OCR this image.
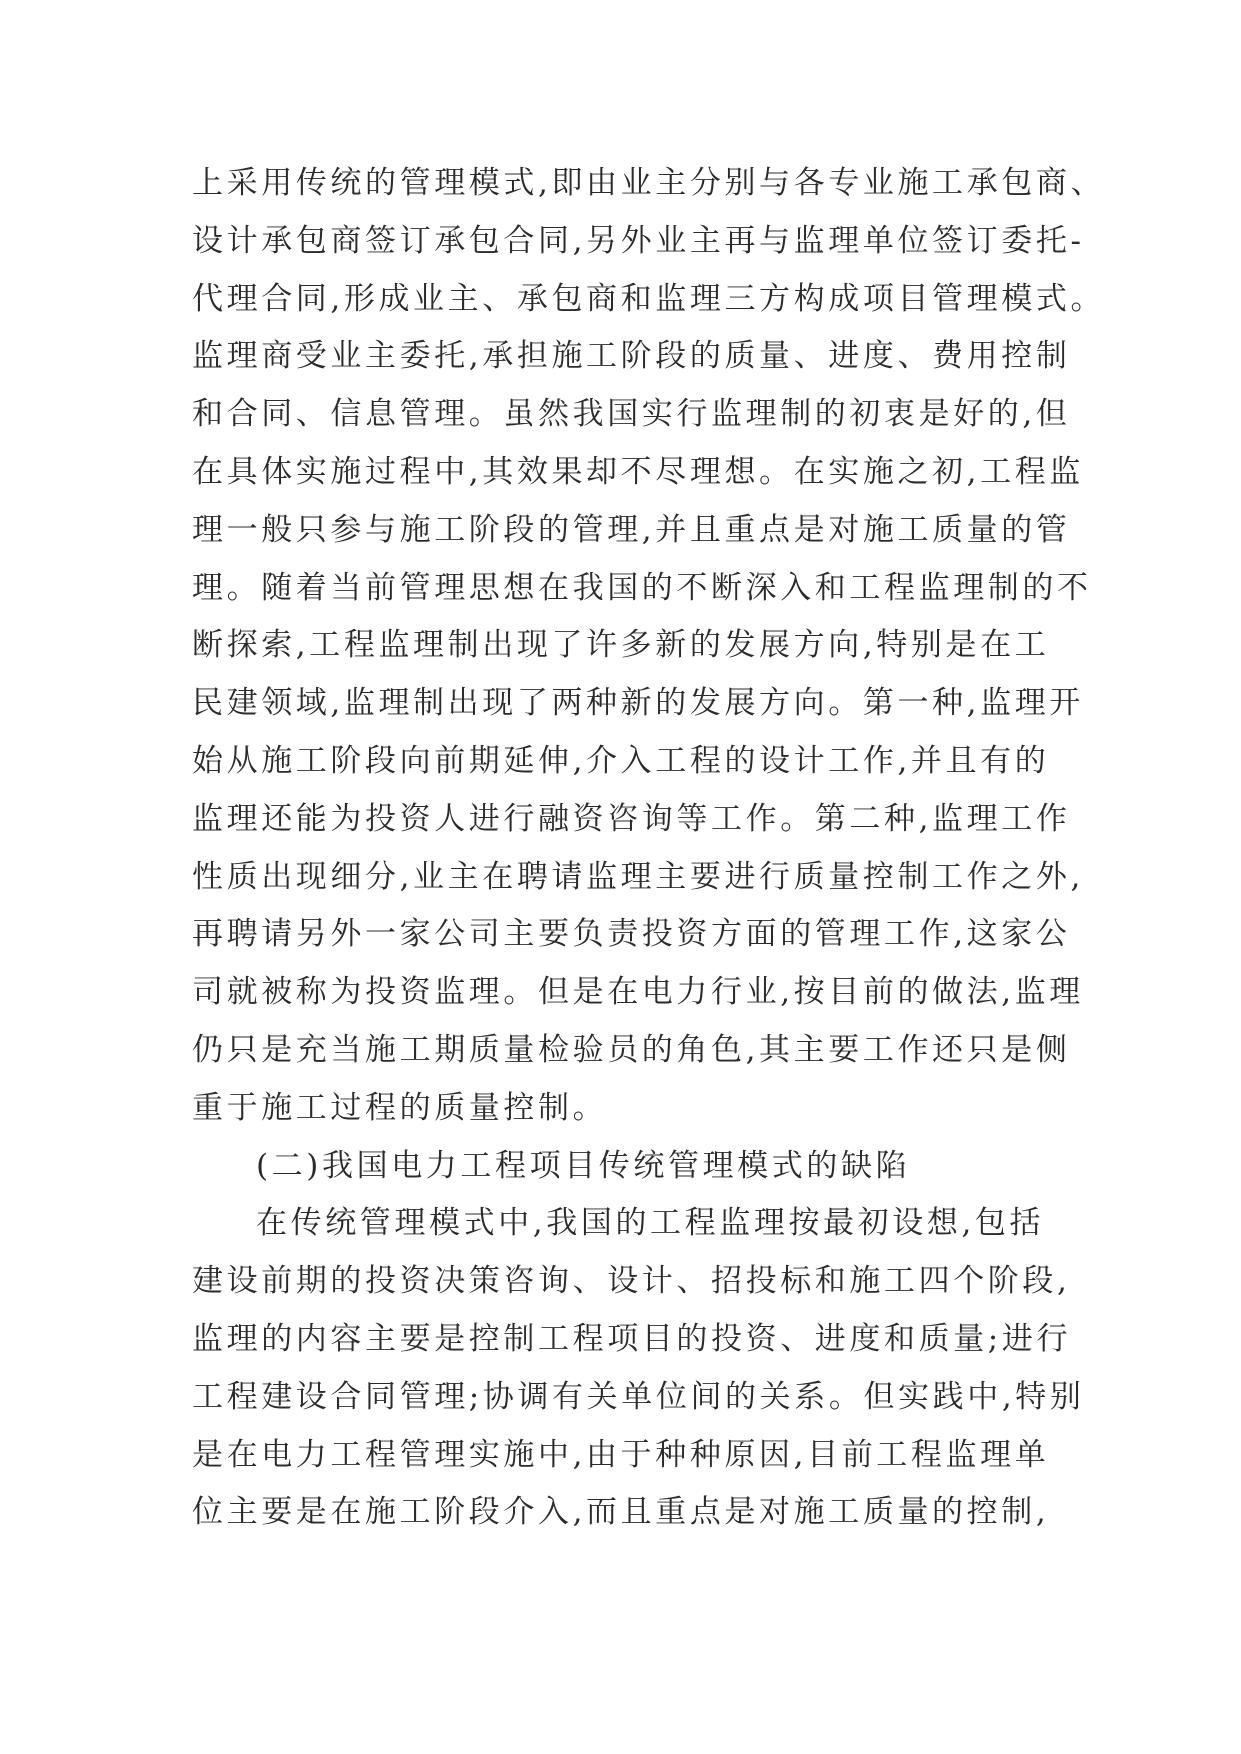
上采用传统的管理模式,即由业主分别与各专业施工承包商、
设计承包商签订承包合同,另外业主再与监理单位签订委托-
代理合同,形成业主、承包商和监理三方构成项目管理模式。
监理商受业主委托,承担施工阶段的质量、进度、费用控制
和合同、信息管理。虽然我国实行监理制的初衷是好的,但
在具体实施过程中,其效果却不尽理想。在实施之初,工程监
理一般只参与施工阶段的管理,并且重点是对施工质量的管
理。随着当前管理思想在我国的不断深入和工程监理制的不
断探索,工程监理制出现了许多新的发展方向,特别是在工
民建领域,监理制出现了两种新的发展方向。第一种,监理开
始从施工阶段向前期延伸,介入工程的设计工作,并且有的
监理还能为投资人进行融资咨询等工作。第二种,监理工作
性质出现细分,业主在聘请监理主要进行质量控制工作之外,
再聘请另外一家公司主要负责投资方面的管理工作,这家公
司就被称为投资监理。但是在电力行业,按目前的做法,监理
仍只是充当施工期质量检验员的角色,其主要工作还只是侧
重于施工过程的质量控制。
(二)我国电力工程项目传统管理模式的缺陷
在传统管理模式中,我国的工程监理按最初设想,包括
建设前期的投资决策咨询、设计、招投标和施工四个阶段,
监理的内容主要是控制工程项目的投资、进度和质量;进行
工程建设合同管理;协调有关单位间的关系。但实践中,特别
是在电力工程管理实施中,由于种种原因,目前工程监理单
位主要是在施工阶段介入,而且重点是对施工质量的控制,
